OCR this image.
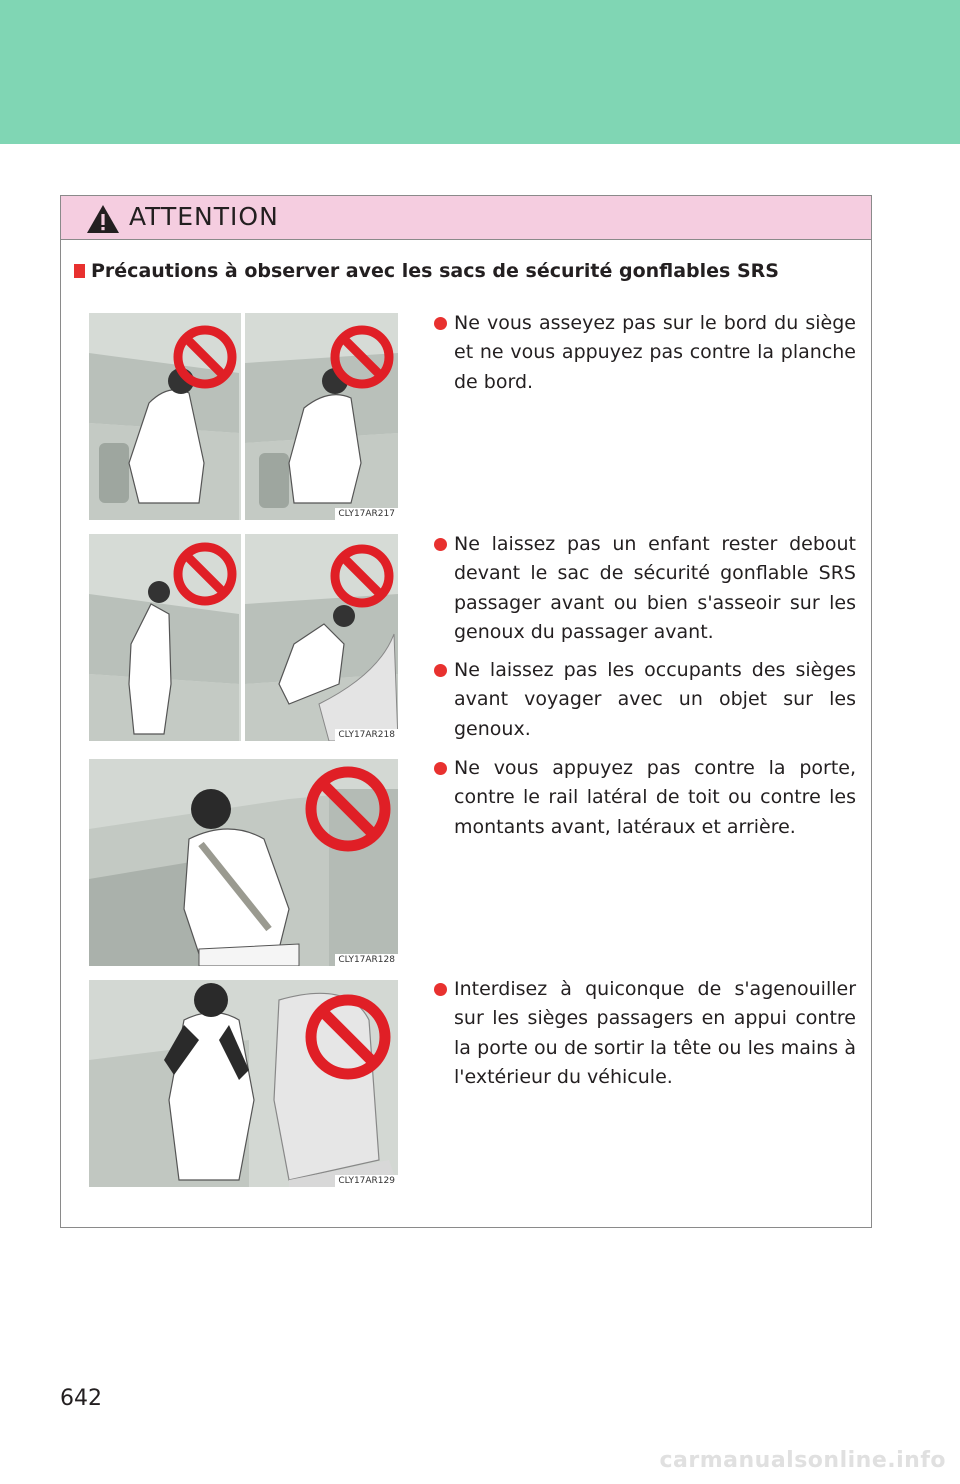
ATTENTION
Précautions à observer avec les sacs de sécurité gonflables SRS
CLY17AR217
CLY17AR218
CLY17AR128
CLY17AR129
Ne vous asseyez pas sur le bord du siège et ne vous appuyez pas contre la planche de bord.
Ne laissez pas un enfant rester debout devant le sac de sécurité gonflable SRS passager avant ou bien s'asseoir sur les genoux du passager avant.
Ne laissez pas les occupants des sièges avant voyager avec un objet sur les genoux.
Ne vous appuyez pas contre la porte, contre le rail latéral de toit ou contre les montants avant, latéraux et arrière.
Interdisez à quiconque de s'agenouiller sur les sièges passagers en appui contre la porte ou de sortir la tête ou les mains à l'extérieur du véhicule.
642
carmanualsonline.info
